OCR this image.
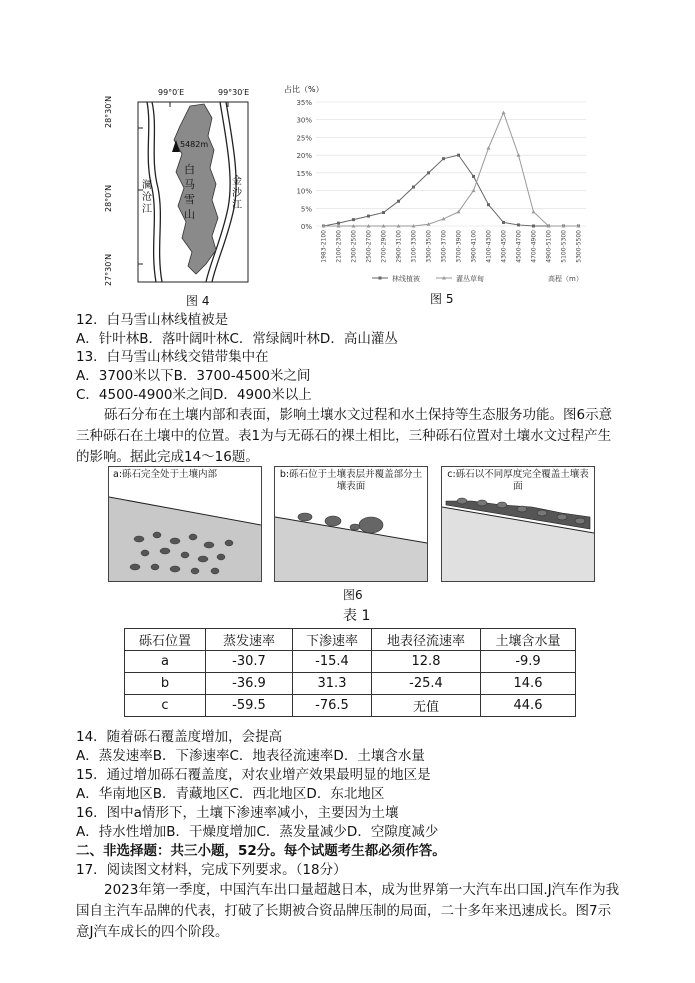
99°0′E	99°30′E
28°30′N
28°0′N
27°30′N
5482m
白马雪山
澜沧江
金沙江
图 4
占比（%）
0%
5%
10%
15%
20%
25%
30%
35%
1983-2100 2100-2300 2300-2500 2500-2700 2700-2900 2900-3100 3100-3300 3300-3500 3500-3700 3700-3900 3900-4100 4100-4300 4300-4500 4500-4700 4700-4900 4900-5100 5100-5300 5300-5500
林线植被	灌丛草甸	高程（m）
图 5
12．白马雪山林线植被是
A．针叶林B．落叶阔叶林C．常绿阔叶林D．高山灌丛
13．白马雪山林线交错带集中在
A．3700米以下B．3700-4500米之间
C．4500-4900米之间D．4900米以上
砾石分布在土壤内部和表面，影响土壤水文过程和水土保持等生态服务功能。图6示意三种砾石在土壤中的位置。表1为与无砾石的裸土相比，三种砾石位置对土壤水文过程产生的影响。据此完成14～16题。
a:砾石完全处于土壤内部	b:砾石位于土壤表层并覆盖部分土壤表面
c:砾石以不同厚度完全覆盖土壤表面
图6
表 1
砾石位置	蒸发速率	下渗速率	地表径流速率	土壤含水量
a	-30.7	-15.4	12.8	-9.9
b	-36.9	31.3	-25.4	14.6
c	-59.5	-76.5	无值	44.6
14．随着砾石覆盖度增加，会提高
A．蒸发速率B．下渗速率C．地表径流速率D．土壤含水量
15．通过增加砾石覆盖度，对农业增产效果最明显的地区是
A．华南地区B．青藏地区C．西北地区D．东北地区
16．图中a情形下，土壤下渗速率减小，主要因为土壤
A．持水性增加B．干燥度增加C．蒸发量减少D．空隙度减少
二、非选择题：共三小题，52分。每个试题考生都必须作答。
17．阅读图文材料，完成下列要求。（18分）
2023年第一季度，中国汽车出口量超越日本，成为世界第一大汽车出口国.J汽车作为我国自主汽车品牌的代表，打破了长期被合资品牌压制的局面，二十多年来迅速成长。图7示意J汽车成长的四个阶段。
